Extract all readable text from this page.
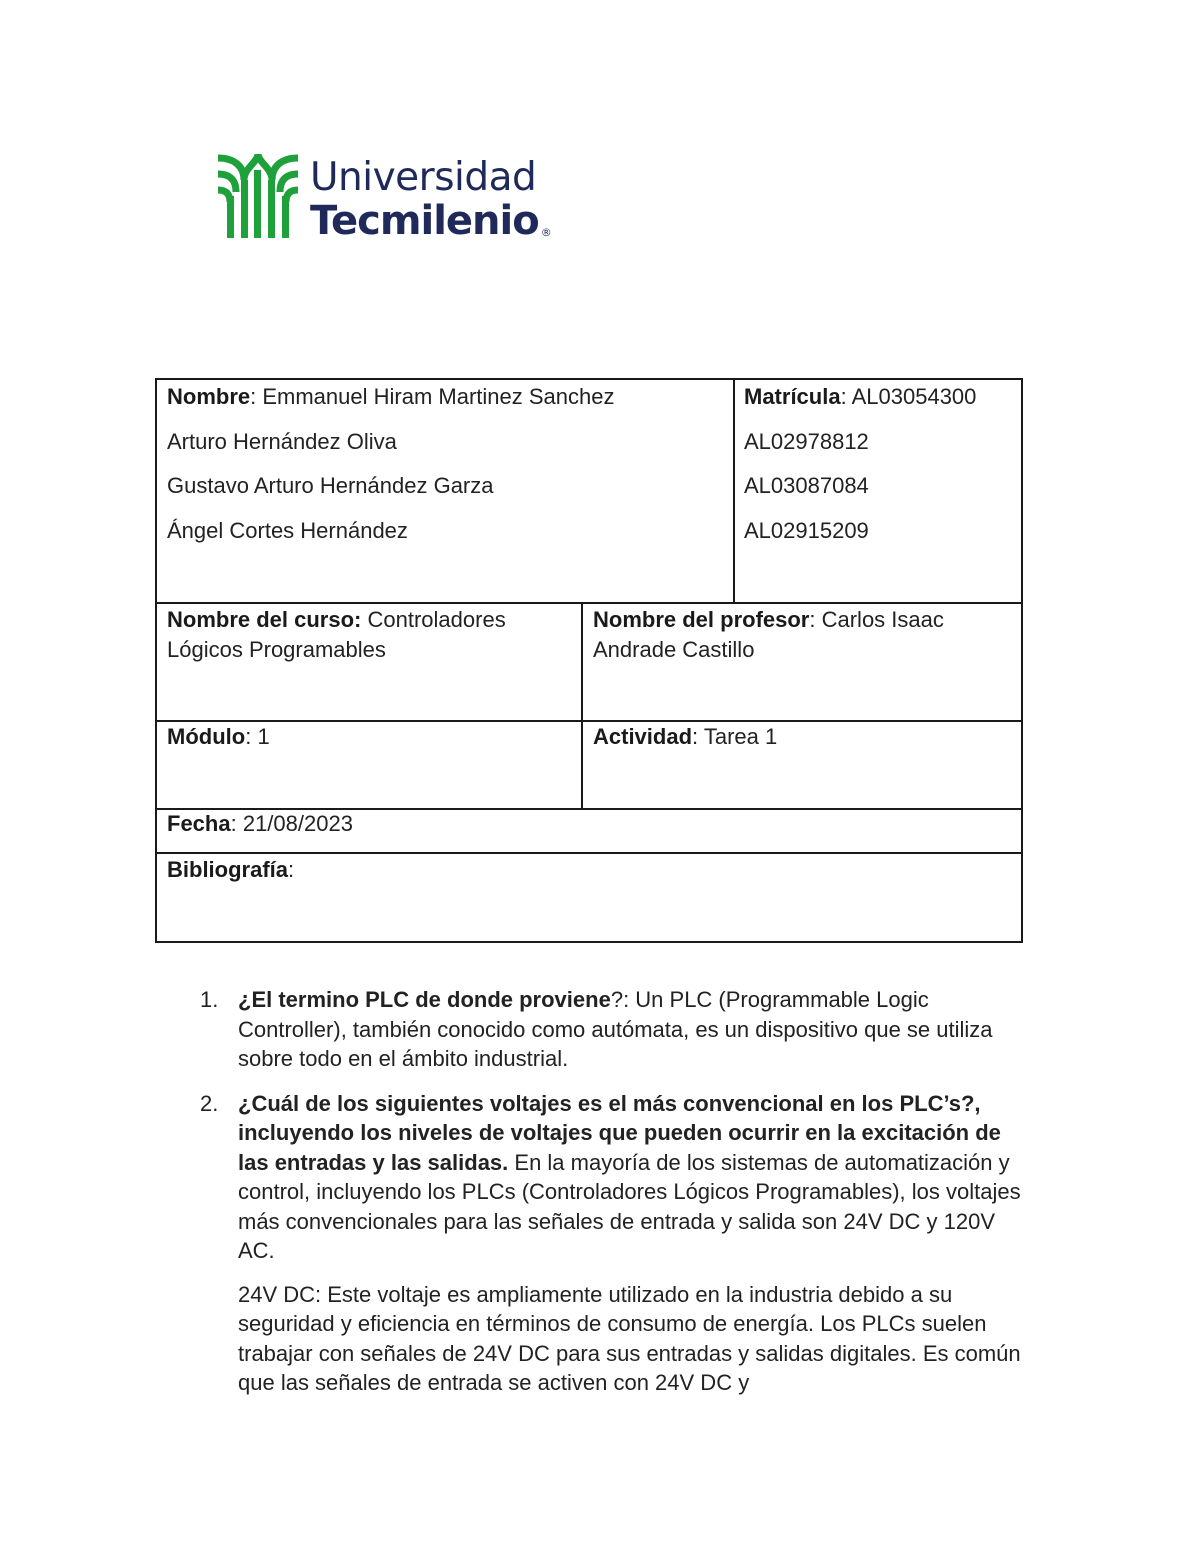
Universidad
Tecmilenio ®

Nombre: Emmanuel Hiram Martinez Sanchez

Arturo Hernández Oliva

Gustavo Arturo Hernández Garza

Ángel Cortes Hernández

Matrícula: AL03054300

AL02978812

AL03087084

AL02915209

Nombre del curso: Controladores Lógicos Programables

Nombre del profesor: Carlos Isaac Andrade Castillo

Módulo: 1	Actividad: Tarea 1

Fecha: 21/08/2023

Bibliografía:

1. ¿El termino PLC de donde proviene?: Un PLC (Programmable Logic Controller), también conocido como autómata, es un dispositivo que se utiliza sobre todo en el ámbito industrial.

2. ¿Cuál de los siguientes voltajes es el más convencional en los PLC’s?, incluyendo los niveles de voltajes que pueden ocurrir en la excitación de las entradas y las salidas. En la mayoría de los sistemas de automatización y control, incluyendo los PLCs (Controladores Lógicos Programables), los voltajes más convencionales para las señales de entrada y salida son 24V DC y 120V AC.

24V DC: Este voltaje es ampliamente utilizado en la industria debido a su seguridad y eficiencia en términos de consumo de energía. Los PLCs suelen trabajar con señales de 24V DC para sus entradas y salidas digitales. Es común que las señales de entrada se activen con 24V DC y
